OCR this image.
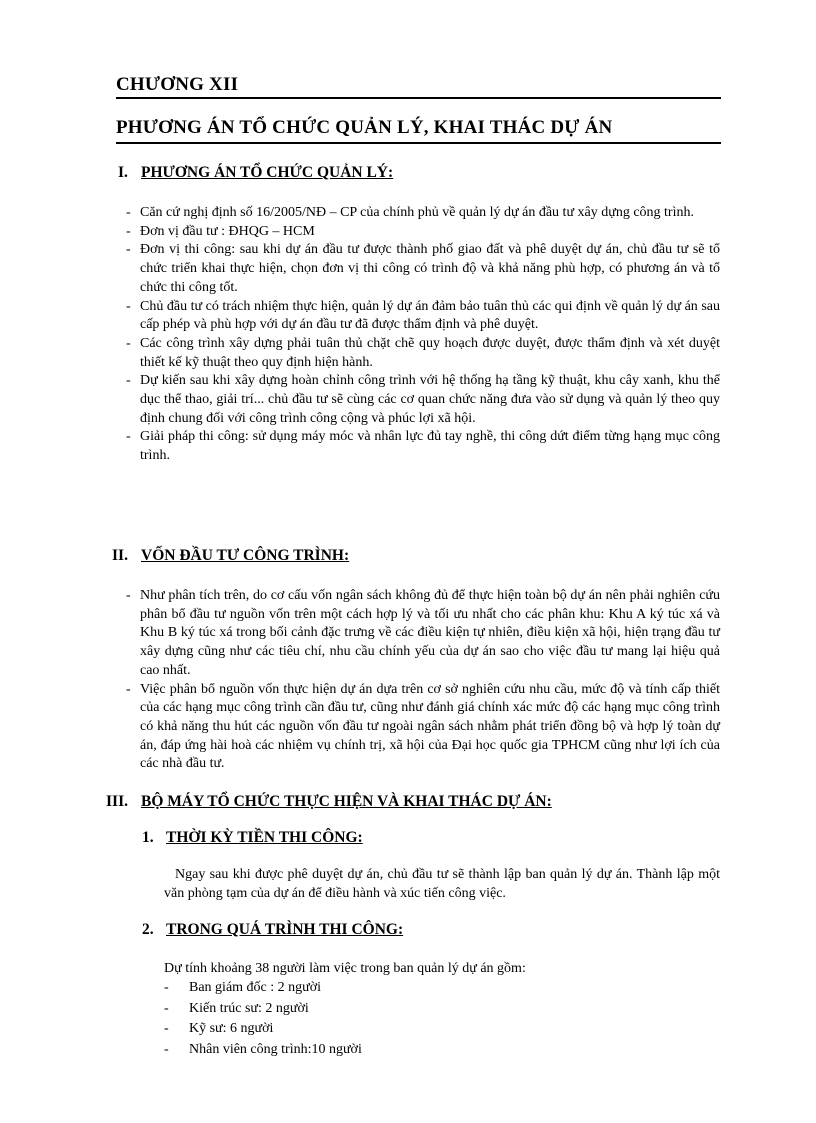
CHƯƠNG XII
PHƯƠNG ÁN TỔ CHỨC QUẢN LÝ, KHAI THÁC DỰ ÁN
I. PHƯƠNG ÁN TỔ CHỨC QUẢN LÝ:
- Căn cứ nghị định số 16/2005/NĐ – CP của chính phủ về quản lý dự án đầu tư xây dựng công trình.
- Đơn vị đầu tư : ĐHQG – HCM
- Đơn vị thi công: sau khi dự án đầu tư được thành phố giao đất và phê duyệt dự án, chủ đầu tư sẽ tổ chức triển khai thực hiện, chọn đơn vị thi công có trình độ và khả năng phù hợp, có phương án và tổ chức thi công tốt.
- Chủ đầu tư có trách nhiệm thực hiện, quản lý dự án đảm bảo tuân thủ các qui định về quản lý dự án sau cấp phép và phù hợp với dự án đầu tư đã được thẩm định và phê duyệt.
- Các công trình xây dựng phải tuân thủ chặt chẽ quy hoạch được duyệt, được thẩm định và xét duyệt thiết kế kỹ thuật theo quy định hiện hành.
- Dự kiến sau khi xây dựng hoàn chỉnh công trình với hệ thống hạ tầng kỹ thuật, khu cây xanh, khu thể dục thể thao, giải trí... chủ đầu tư sẽ cùng các cơ quan chức năng đưa vào sử dụng và quản lý theo quy định chung đối với công trình công cộng và phúc lợi xã hội.
- Giải pháp thi công: sử dụng máy móc và nhân lực đủ tay nghề, thi công dứt điểm từng hạng mục công trình.
II. VỐN ĐẦU TƯ CÔNG TRÌNH:
- Như phân tích trên, do cơ cấu vốn ngân sách không đủ để thực hiện toàn bộ dự án nên phải nghiên cứu phân bổ đầu tư nguồn vốn trên một cách hợp lý và tối ưu nhất cho các phân khu: Khu A ký túc xá và Khu B ký túc xá trong bối cảnh đặc trưng về các điều kiện tự nhiên, điều kiện xã hội, hiện trạng đầu tư xây dựng cũng như các tiêu chí, nhu cầu chính yếu của dự án sao cho việc đầu tư mang lại hiệu quả cao nhất.
- Việc phân bổ nguồn vốn thực hiện dự án dựa trên cơ sở nghiên cứu nhu cầu, mức độ và tính cấp thiết của các hạng mục công trình cần đầu tư, cũng như đánh giá chính xác mức độ các hạng mục công trình có khả năng thu hút các nguồn vốn đầu tư ngoài ngân sách nhằm phát triển đồng bộ và hợp lý toàn dự án, đáp ứng hài hoà các nhiệm vụ chính trị, xã hội của Đại học quốc gia TPHCM cũng như lợi ích của các nhà đầu tư.
III. BỘ MÁY TỔ CHỨC THỰC HIỆN VÀ KHAI THÁC DỰ ÁN:
1. THỜI KỲ TIỀN THI CÔNG:
Ngay sau khi được phê duyệt dự án, chủ đầu tư sẽ thành lập ban quản lý dự án. Thành lập một văn phòng tạm của dự án để điều hành và xúc tiến công việc.
2. TRONG QUÁ TRÌNH THI CÔNG:
Dự tính khoảng 38 người làm việc trong ban quản lý dự án gồm:
- Ban giám đốc : 2 người
- Kiến trúc sư: 2 người
- Kỹ sư: 6 người
- Nhân viên công trình:10 người
